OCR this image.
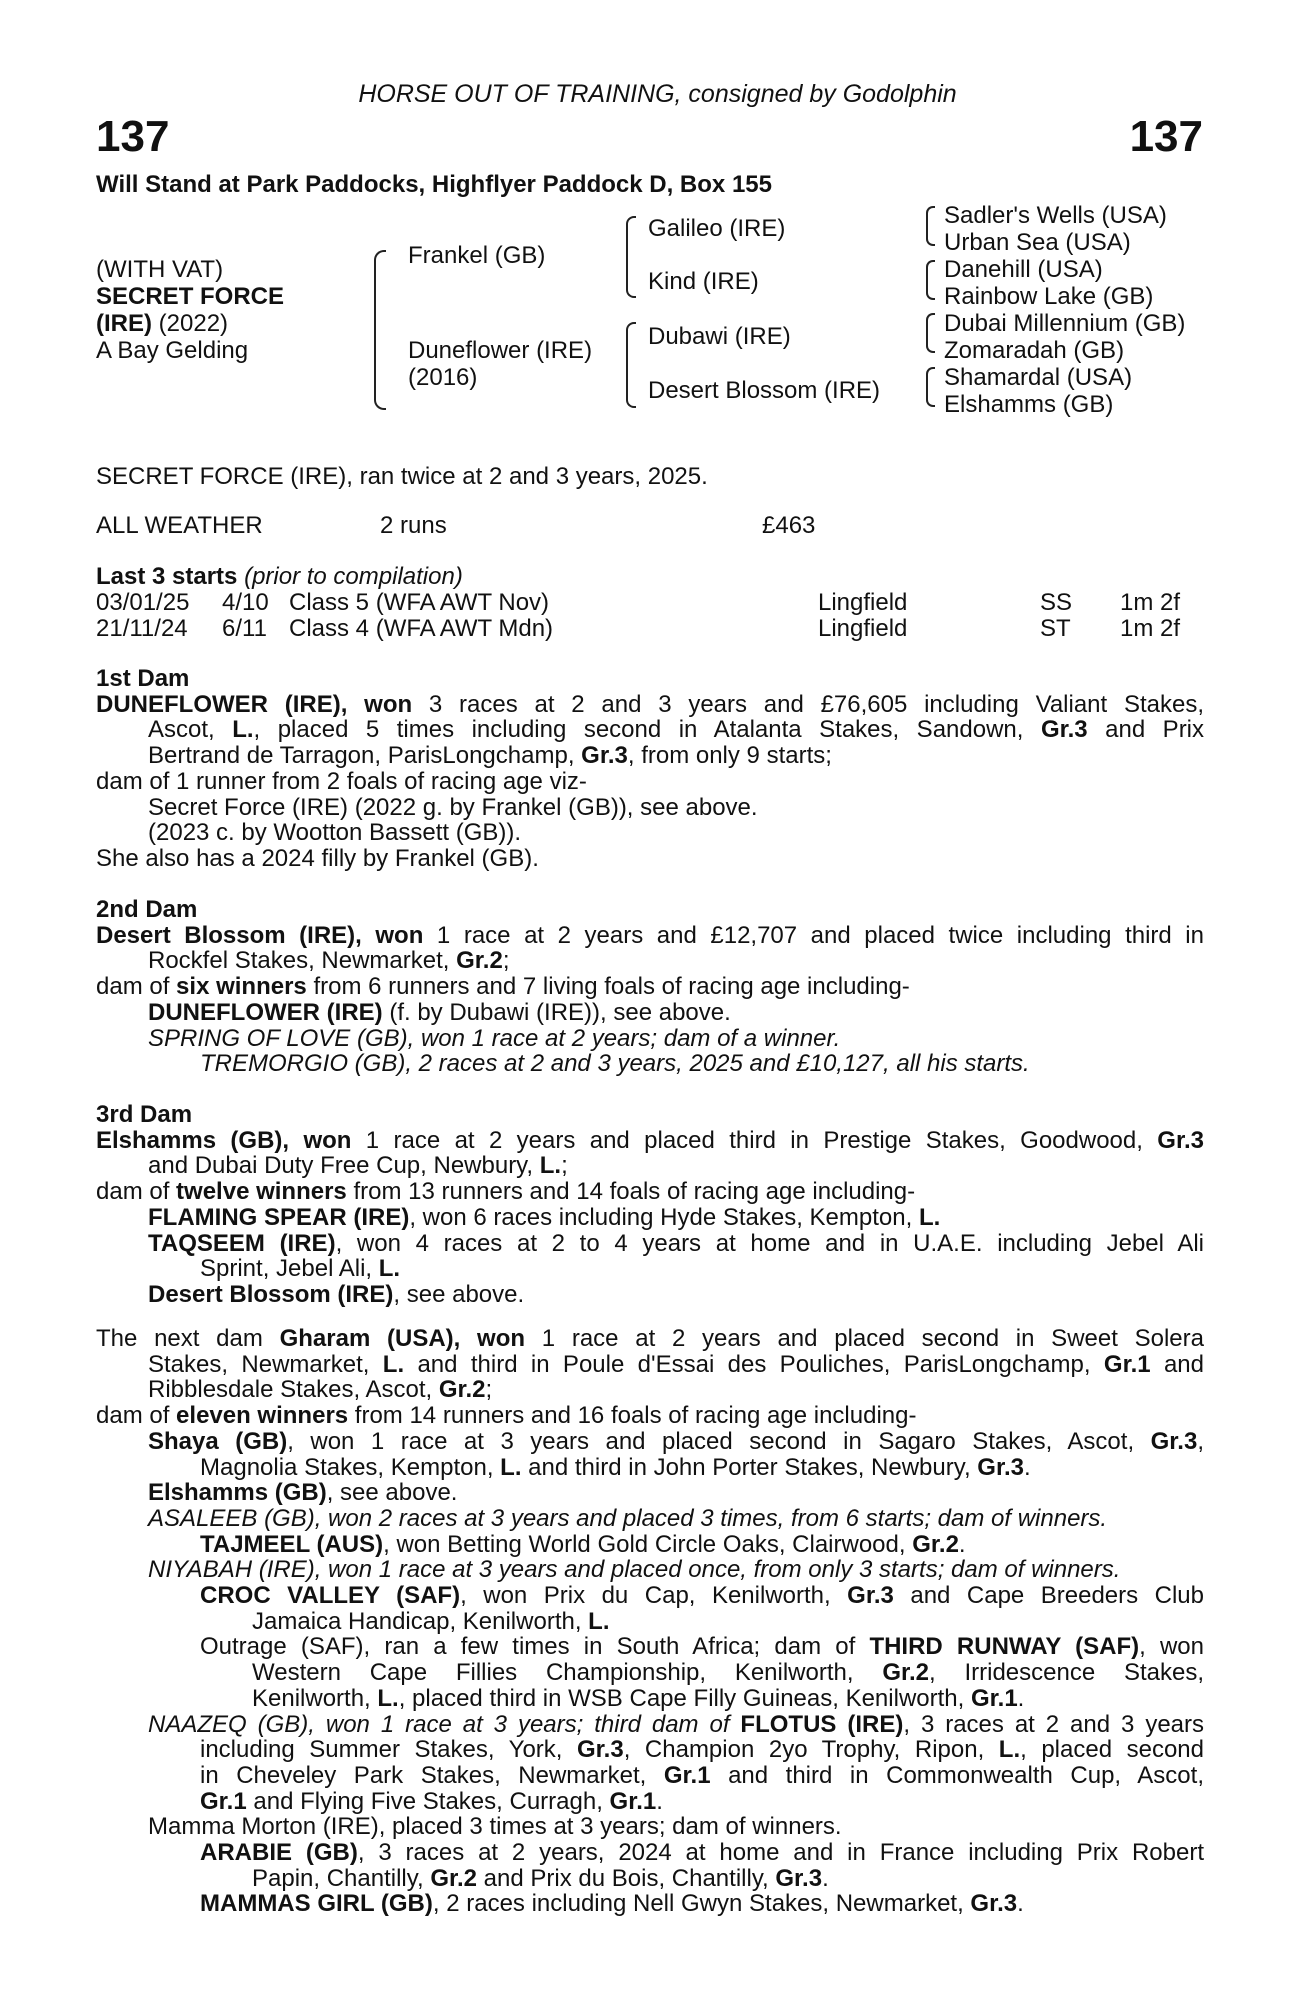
HORSE OUT OF TRAINING, consigned by Godolphin
137	137
Will Stand at Park Paddocks, Highflyer Paddock D, Box 155
(WITH VAT)
SECRET FORCE
(IRE) (2022)
A Bay Gelding
Frankel (GB)
Duneflower (IRE)
(2016)
Galileo (IRE)
Kind (IRE)
Dubawi (IRE)
Desert Blossom (IRE)
Sadler's Wells (USA)
Urban Sea (USA)
Danehill (USA)
Rainbow Lake (GB)
Dubai Millennium (GB)
Zomaradah (GB)
Shamardal (USA)
Elshamms (GB)
SECRET FORCE (IRE), ran twice at 2 and 3 years, 2025.
ALL WEATHER	2 runs	£463
Last 3 starts (prior to compilation)
03/01/25 4/10 Class 5 (WFA AWT Nov)	Lingfield	SS 1m 2f
21/11/24 6/11 Class 4 (WFA AWT Mdn)	Lingfield	ST 1m 2f
1st Dam
DUNEFLOWER (IRE), won 3 races at 2 and 3 years and £76,605 including Valiant Stakes,
Ascot, L., placed 5 times including second in Atalanta Stakes, Sandown, Gr.3 and Prix
Bertrand de Tarragon, ParisLongchamp, Gr.3, from only 9 starts;
dam of 1 runner from 2 foals of racing age viz-
Secret Force (IRE) (2022 g. by Frankel (GB)), see above.
(2023 c. by Wootton Bassett (GB)).
She also has a 2024 filly by Frankel (GB).
2nd Dam
Desert Blossom (IRE), won 1 race at 2 years and £12,707 and placed twice including third in
Rockfel Stakes, Newmarket, Gr.2;
dam of six winners from 6 runners and 7 living foals of racing age including-
DUNEFLOWER (IRE) (f. by Dubawi (IRE)), see above.
SPRING OF LOVE (GB), won 1 race at 2 years; dam of a winner.
TREMORGIO (GB), 2 races at 2 and 3 years, 2025 and £10,127, all his starts.
3rd Dam
Elshamms (GB), won 1 race at 2 years and placed third in Prestige Stakes, Goodwood, Gr.3
and Dubai Duty Free Cup, Newbury, L.;
dam of twelve winners from 13 runners and 14 foals of racing age including-
FLAMING SPEAR (IRE), won 6 races including Hyde Stakes, Kempton, L.
TAQSEEM (IRE), won 4 races at 2 to 4 years at home and in U.A.E. including Jebel Ali
Sprint, Jebel Ali, L.
Desert Blossom (IRE), see above.
The next dam Gharam (USA), won 1 race at 2 years and placed second in Sweet Solera
Stakes, Newmarket, L. and third in Poule d'Essai des Pouliches, ParisLongchamp, Gr.1 and
Ribblesdale Stakes, Ascot, Gr.2;
dam of eleven winners from 14 runners and 16 foals of racing age including-
Shaya (GB), won 1 race at 3 years and placed second in Sagaro Stakes, Ascot, Gr.3,
Magnolia Stakes, Kempton, L. and third in John Porter Stakes, Newbury, Gr.3.
Elshamms (GB), see above.
ASALEEB (GB), won 2 races at 3 years and placed 3 times, from 6 starts; dam of winners.
TAJMEEL (AUS), won Betting World Gold Circle Oaks, Clairwood, Gr.2.
NIYABAH (IRE), won 1 race at 3 years and placed once, from only 3 starts; dam of winners.
CROC VALLEY (SAF), won Prix du Cap, Kenilworth, Gr.3 and Cape Breeders Club
Jamaica Handicap, Kenilworth, L.
Outrage (SAF), ran a few times in South Africa; dam of THIRD RUNWAY (SAF), won
Western Cape Fillies Championship, Kenilworth, Gr.2, Irridescence Stakes,
Kenilworth, L., placed third in WSB Cape Filly Guineas, Kenilworth, Gr.1.
NAAZEQ (GB), won 1 race at 3 years; third dam of FLOTUS (IRE), 3 races at 2 and 3 years
including Summer Stakes, York, Gr.3, Champion 2yo Trophy, Ripon, L., placed second
in Cheveley Park Stakes, Newmarket, Gr.1 and third in Commonwealth Cup, Ascot,
Gr.1 and Flying Five Stakes, Curragh, Gr.1.
Mamma Morton (IRE), placed 3 times at 3 years; dam of winners.
ARABIE (GB), 3 races at 2 years, 2024 at home and in France including Prix Robert
Papin, Chantilly, Gr.2 and Prix du Bois, Chantilly, Gr.3.
MAMMAS GIRL (GB), 2 races including Nell Gwyn Stakes, Newmarket, Gr.3.
